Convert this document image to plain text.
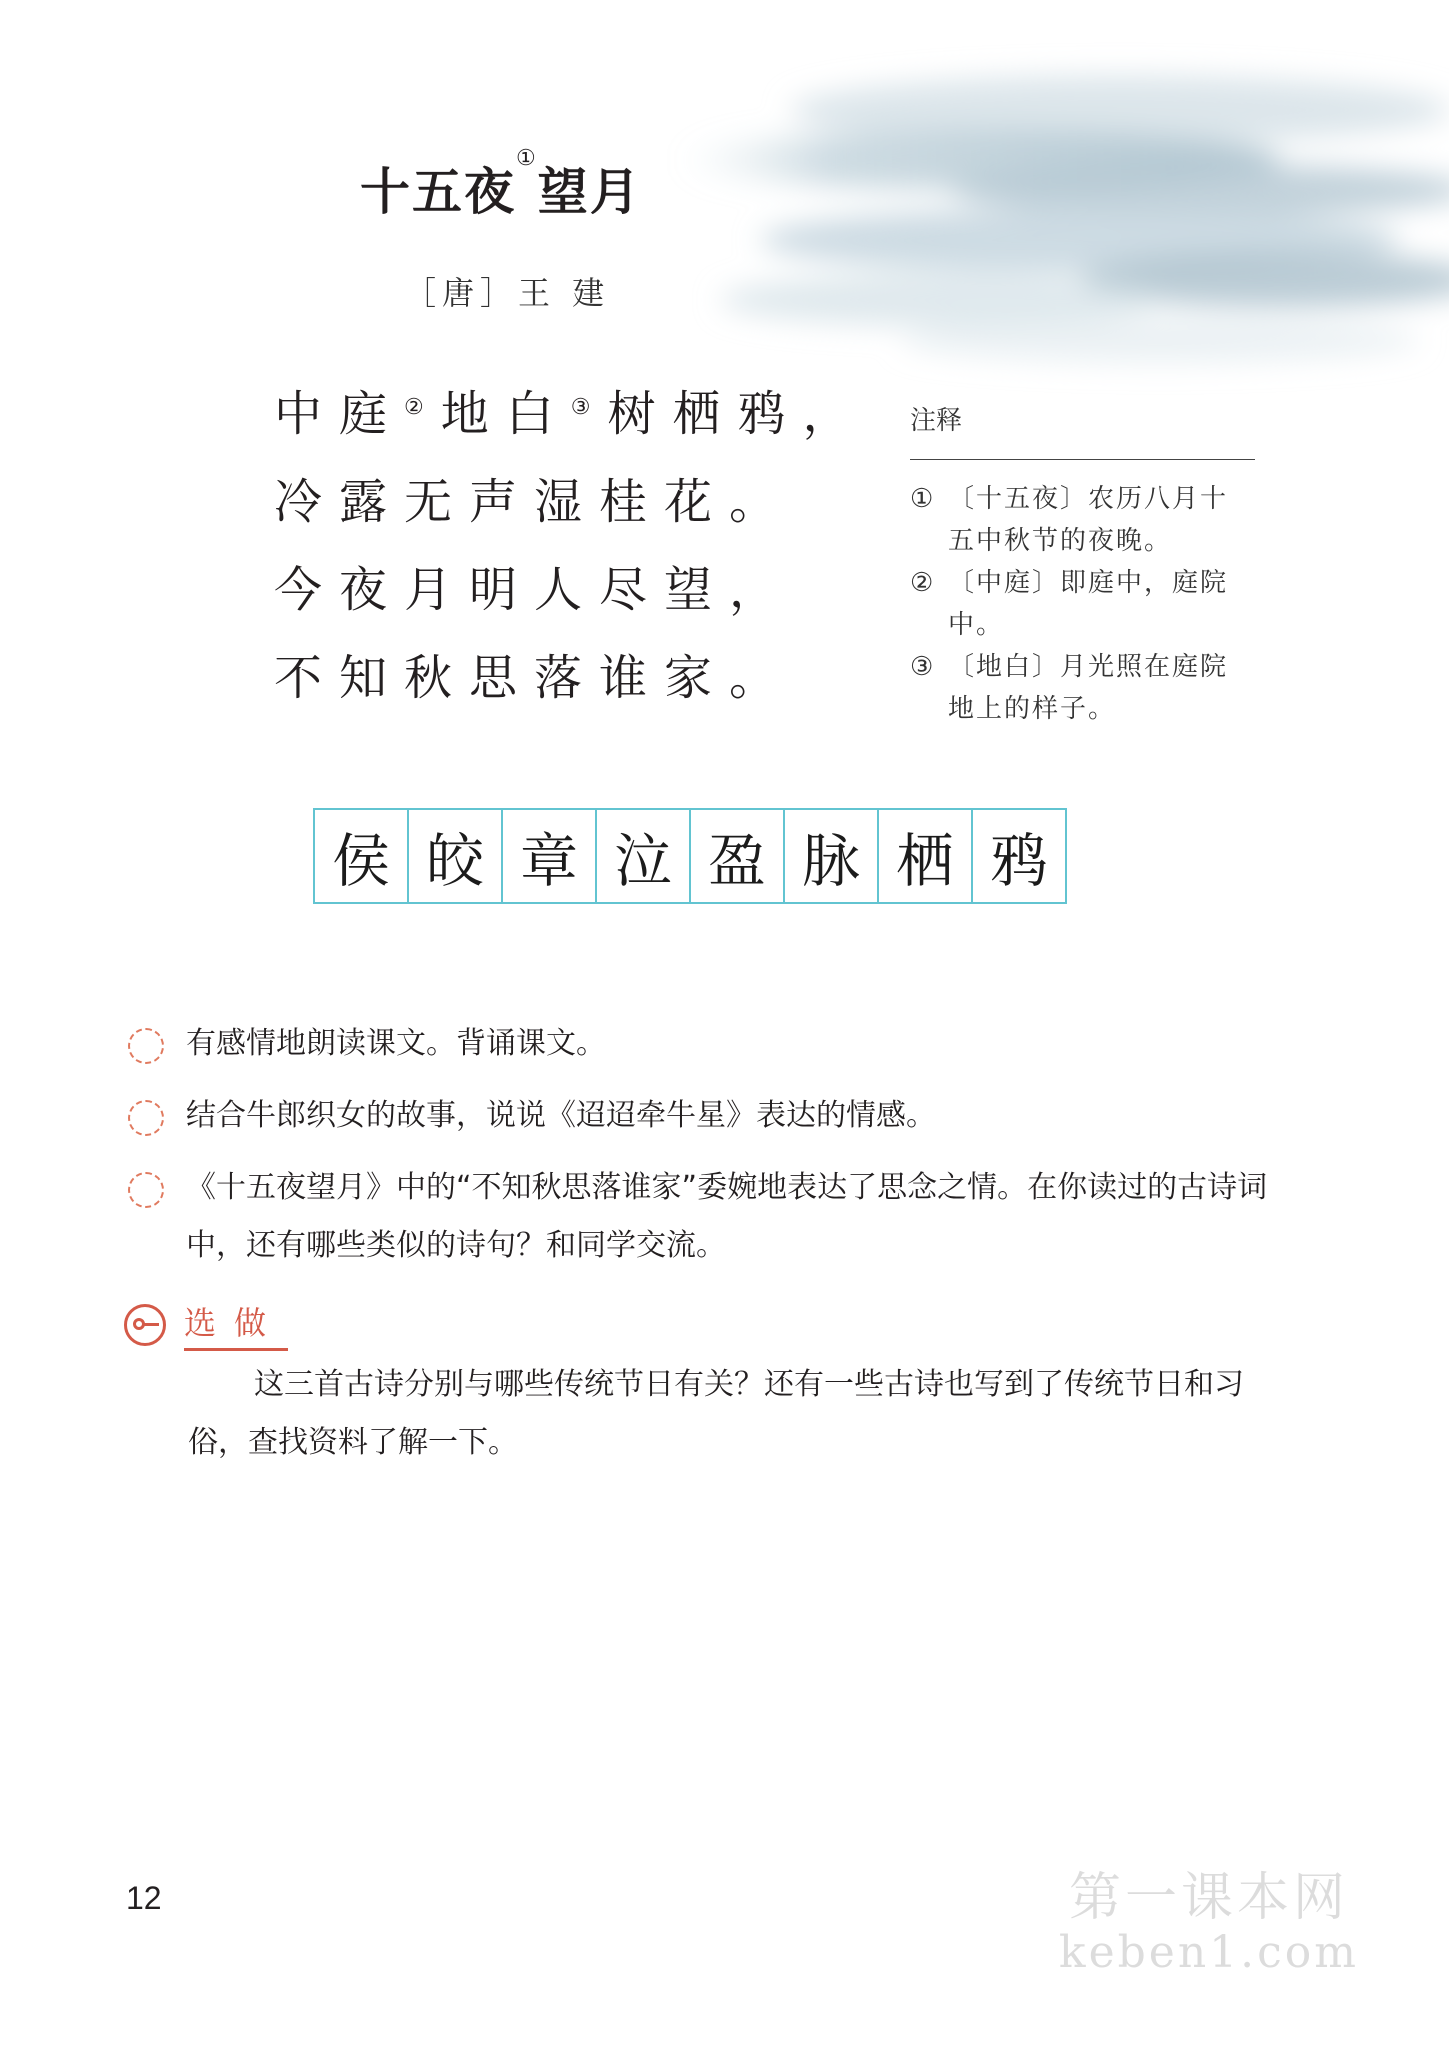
十五夜①望月
［唐］王 建
中庭②地白③树栖鸦，
冷露无声湿桂花。
今夜月明人尽望，
不知秋思落谁家。
注释
① 〔十五夜〕农历八月十五中秋节的夜晚。
② 〔中庭〕即庭中，庭院中。
③ 〔地白〕月光照在庭院地上的样子。
侯 皎 章 泣 盈 脉 栖 鸦
有感情地朗读课文。背诵课文。
结合牛郎织女的故事，说说《迢迢牵牛星》表达的情感。
《十五夜望月》中的“不知秋思落谁家”委婉地表达了思念之情。在你读过的古诗词中，还有哪些类似的诗句？和同学交流。
选做
这三首古诗分别与哪些传统节日有关？还有一些古诗也写到了传统节日和习俗，查找资料了解一下。
12	第一课本网
keben1.com
